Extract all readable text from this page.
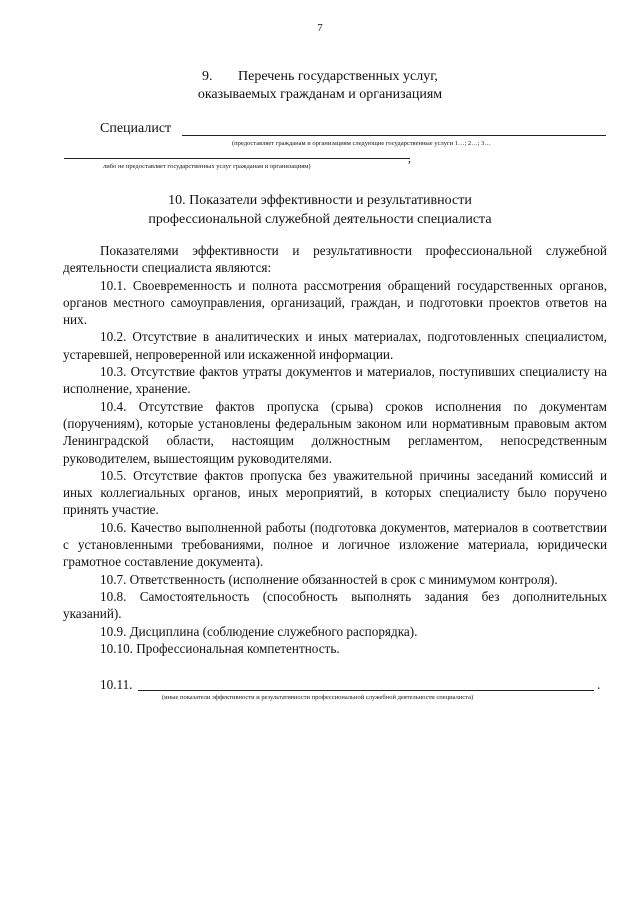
7
9. Перечень государственных услуг,
оказываемых гражданам и организациям
Специалист
(предоставляет гражданам и организациям следующие государственные услуги 1…; 2…; 3…
,
либо не предоставляет государственных услуг гражданам и организациям)
10. Показатели эффективности и результативности
профессиональной служебной деятельности специалиста

Показателями эффективности и результативности профессиональной служебной деятельности специалиста являются:

10.1. Своевременность и полнота рассмотрения обращений государственных органов, органов местного самоуправления, организаций, граждан, и подготовки проектов ответов на них.

10.2. Отсутствие в аналитических и иных материалах, подготовленных специалистом, устаревшей, непроверенной или искаженной информации.

10.3. Отсутствие фактов утраты документов и материалов, поступивших специалисту на исполнение, хранение.

10.4. Отсутствие фактов пропуска (срыва) сроков исполнения по документам (поручениям), которые установлены федеральным законом или нормативным правовым актом Ленинградской области, настоящим должностным регламентом, непосредственным руководителем, вышестоящим руководителями.

10.5. Отсутствие фактов пропуска без уважительной причины заседаний комиссий и иных коллегиальных органов, иных мероприятий, в которых специалисту было поручено принять участие.

10.6. Качество выполненной работы (подготовка документов, материалов в соответствии с установленными требованиями, полное и логичное изложение материала, юридически грамотное составление документа).

10.7. Ответственность (исполнение обязанностей в срок с минимумом контроля).

10.8. Самостоятельность (способность выполнять задания без дополнительных указаний).

10.9. Дисциплина (соблюдение служебного распорядка).

10.10. Профессиональная компетентность.

10.11.	.
(иные показатели эффективности и результативности профессиональной служебной деятельности специалиста)
